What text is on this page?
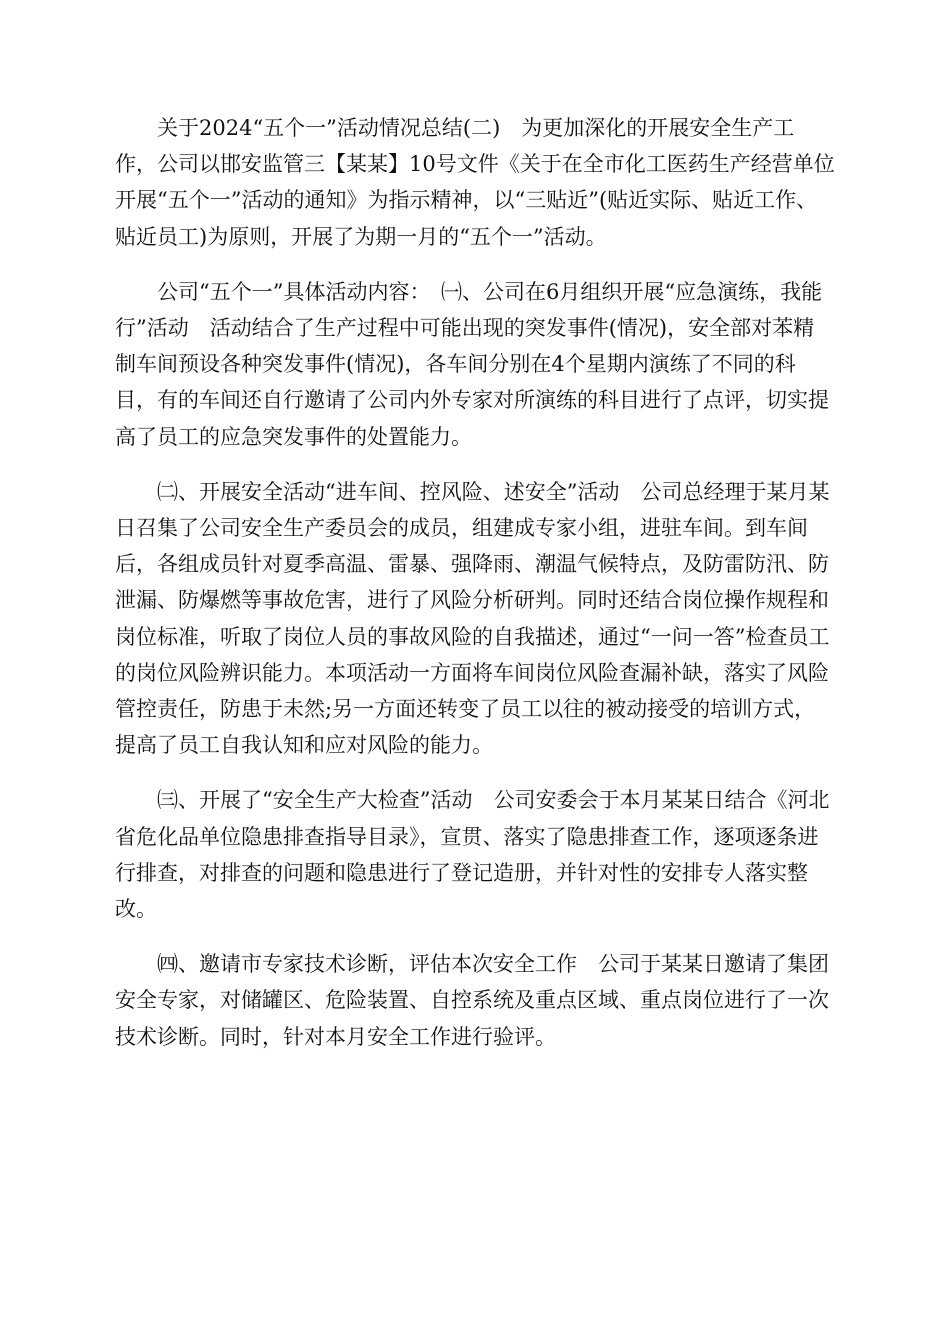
关于2024“五个一”活动情况总结(二)　为更加深化的开展安全生产工作，公司以邯安监管三【某某】10号文件《关于在全市化工医药生产经营单位开展“五个一”活动的通知》为指示精神，以“三贴近”(贴近实际、贴近工作、贴近员工)为原则，开展了为期一月的“五个一”活动。

公司“五个一”具体活动内容：　㈠、公司在6月组织开展“应急演练，我能行”活动　活动结合了生产过程中可能出现的突发事件(情况)，安全部对苯精制车间预设各种突发事件(情况)，各车间分别在4个星期内演练了不同的科目，有的车间还自行邀请了公司内外专家对所演练的科目进行了点评，切实提高了员工的应急突发事件的处置能力。

㈡、开展安全活动“进车间、控风险、述安全”活动　公司总经理于某月某日召集了公司安全生产委员会的成员，组建成专家小组，进驻车间。到车间后，各组成员针对夏季高温、雷暴、强降雨、潮温气候特点，及防雷防汛、防泄漏、防爆燃等事故危害，进行了风险分析研判。同时还结合岗位操作规程和岗位标准，听取了岗位人员的事故风险的自我描述，通过“一问一答”检查员工的岗位风险辨识能力。本项活动一方面将车间岗位风险查漏补缺，落实了风险管控责任，防患于未然;另一方面还转变了员工以往的被动接受的培训方式，提高了员工自我认知和应对风险的能力。

㈢、开展了“安全生产大检查”活动　公司安委会于本月某某日结合《河北省危化品单位隐患排查指导目录》，宣贯、落实了隐患排查工作，逐项逐条进行排查，对排查的问题和隐患进行了登记造册，并针对性的安排专人落实整改。

㈣、邀请市专家技术诊断，评估本次安全工作　公司于某某日邀请了集团安全专家，对储罐区、危险装置、自控系统及重点区域、重点岗位进行了一次技术诊断。同时，针对本月安全工作进行验评。
